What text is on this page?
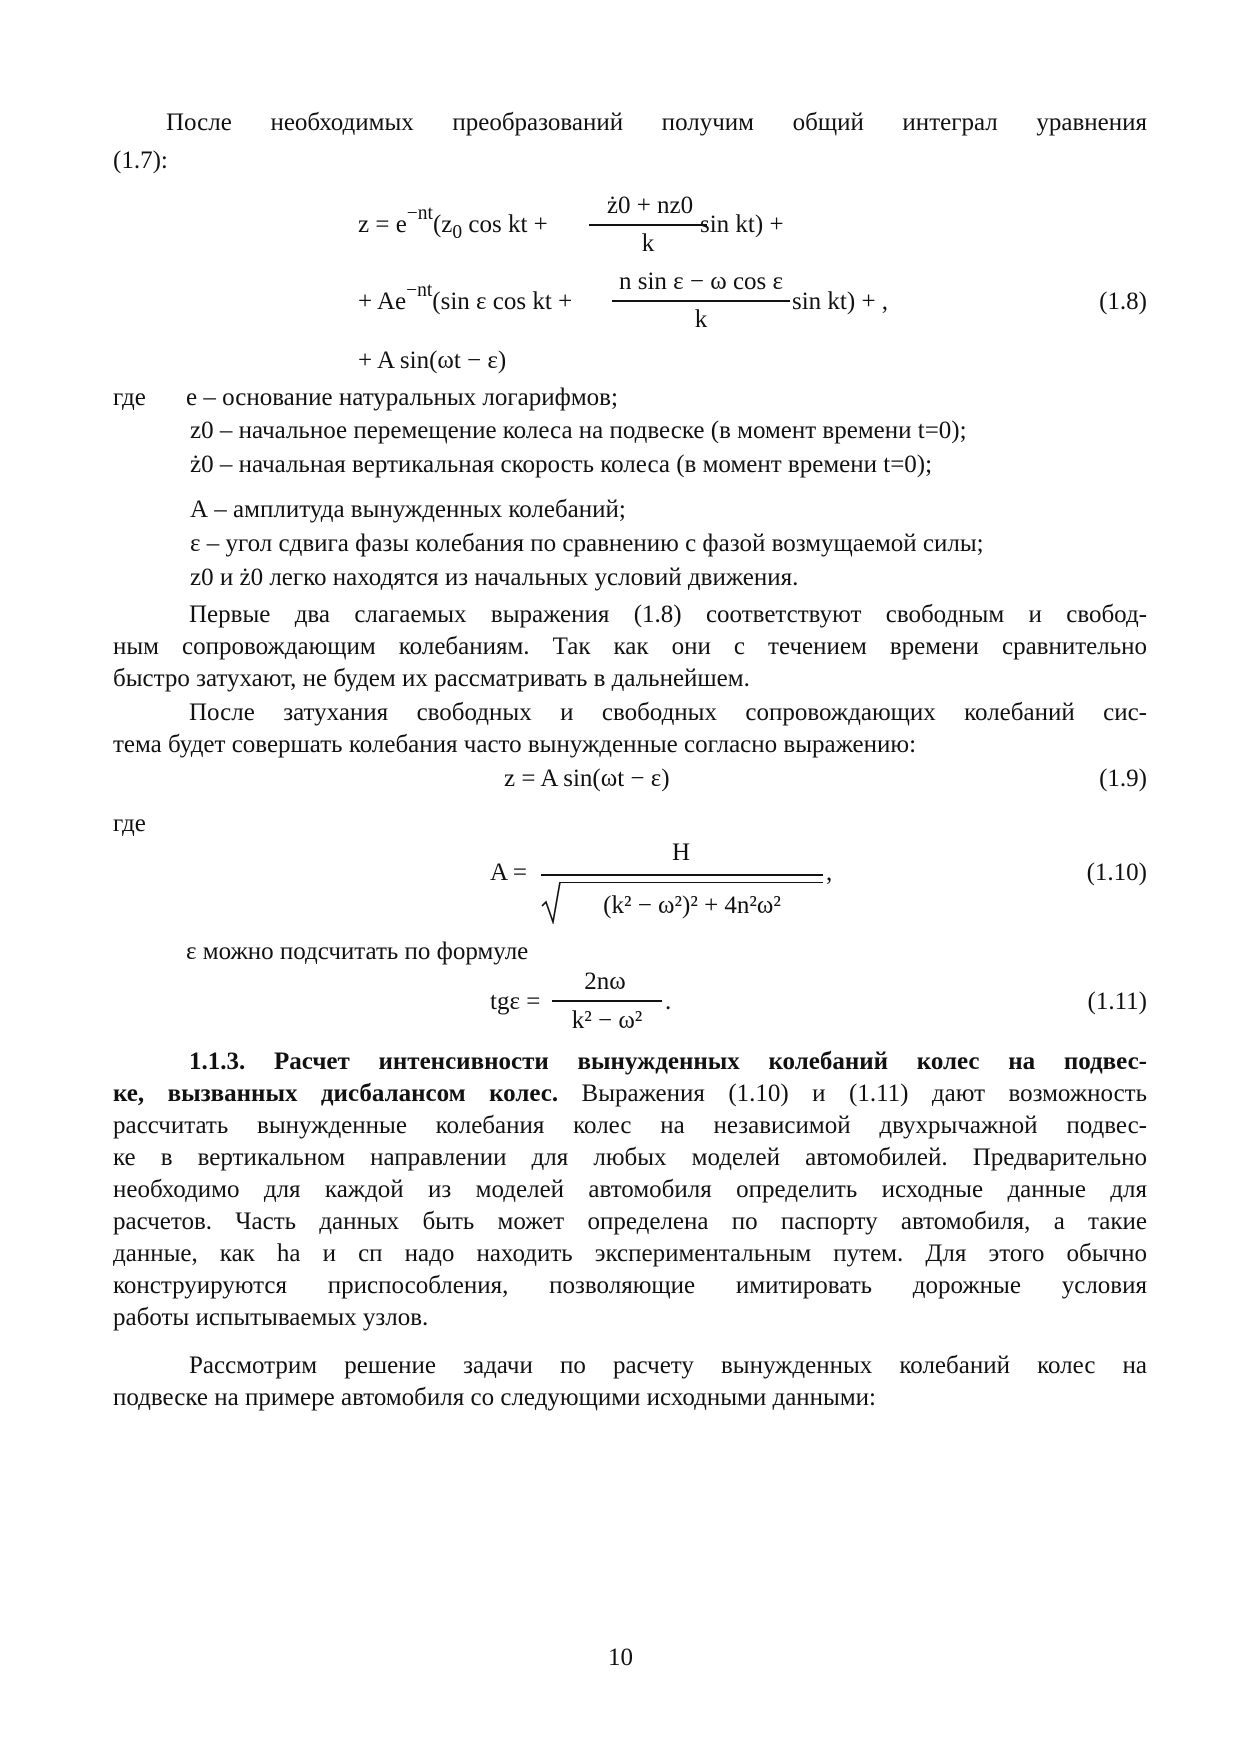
После необходимых преобразований получим общий интеграл уравнения
(1.7):
$z = e^{-nt}(z_0$ cos kt +
ż0 + nz0
k
sin kt) +
+ $Ae^{-nt}(\sin$ ε cos kt +
n sin ε − ω cos ε
k
sin kt) + ,	(1.8)
+ A sin(ωt − ε)
где е – основание натуральных логарифмов;
z0 – начальное перемещение колеса на подвеске (в момент времени t=0);
ż0 – начальная вертикальная скорость колеса (в момент времени t=0);
А – амплитуда вынужденных колебаний;
ε – угол сдвига фазы колебания по сравнению с фазой возмущаемой силы;
z0 и ż0 легко находятся из начальных условий движения.
Первые два слагаемых выражения (1.8) соответствуют свободным и свобод-
ным сопровождающим колебаниям. Так как они с течением времени сравнительно
быстро затухают, не будем их рассматривать в дальнейшем.
После затухания свободных и свободных сопровождающих колебаний сис-
тема будет совершать колебания часто вынужденные согласно выражению:
z = A sin(ωt − ε)	(1.9)
где
A =
H
(k² − ω²)² + 4n²ω²
,	(1.10)
ε можно подсчитать по формуле
tgε =
2nω
k² − ω²
.	(1.11)
1.1.3. Расчет интенсивности вынужденных колебаний колес на подвес-
ке, вызванных дисбалансом колес. Выражения (1.10) и (1.11) дают возможность
рассчитать вынужденные колебания колес на независимой двухрычажной подвес-
ке в вертикальном направлении для любых моделей автомобилей. Предварительно
необходимо для каждой из моделей автомобиля определить исходные данные для
расчетов. Часть данных быть может определена по паспорту автомобиля, а такие
данные, как hа и cп надо находить экспериментальным путем. Для этого обычно
конструируются приспособления, позволяющие имитировать дорожные условия
работы испытываемых узлов.
Рассмотрим решение задачи по расчету вынужденных колебаний колес на
подвеске на примере автомобиля со следующими исходными данными:
10
